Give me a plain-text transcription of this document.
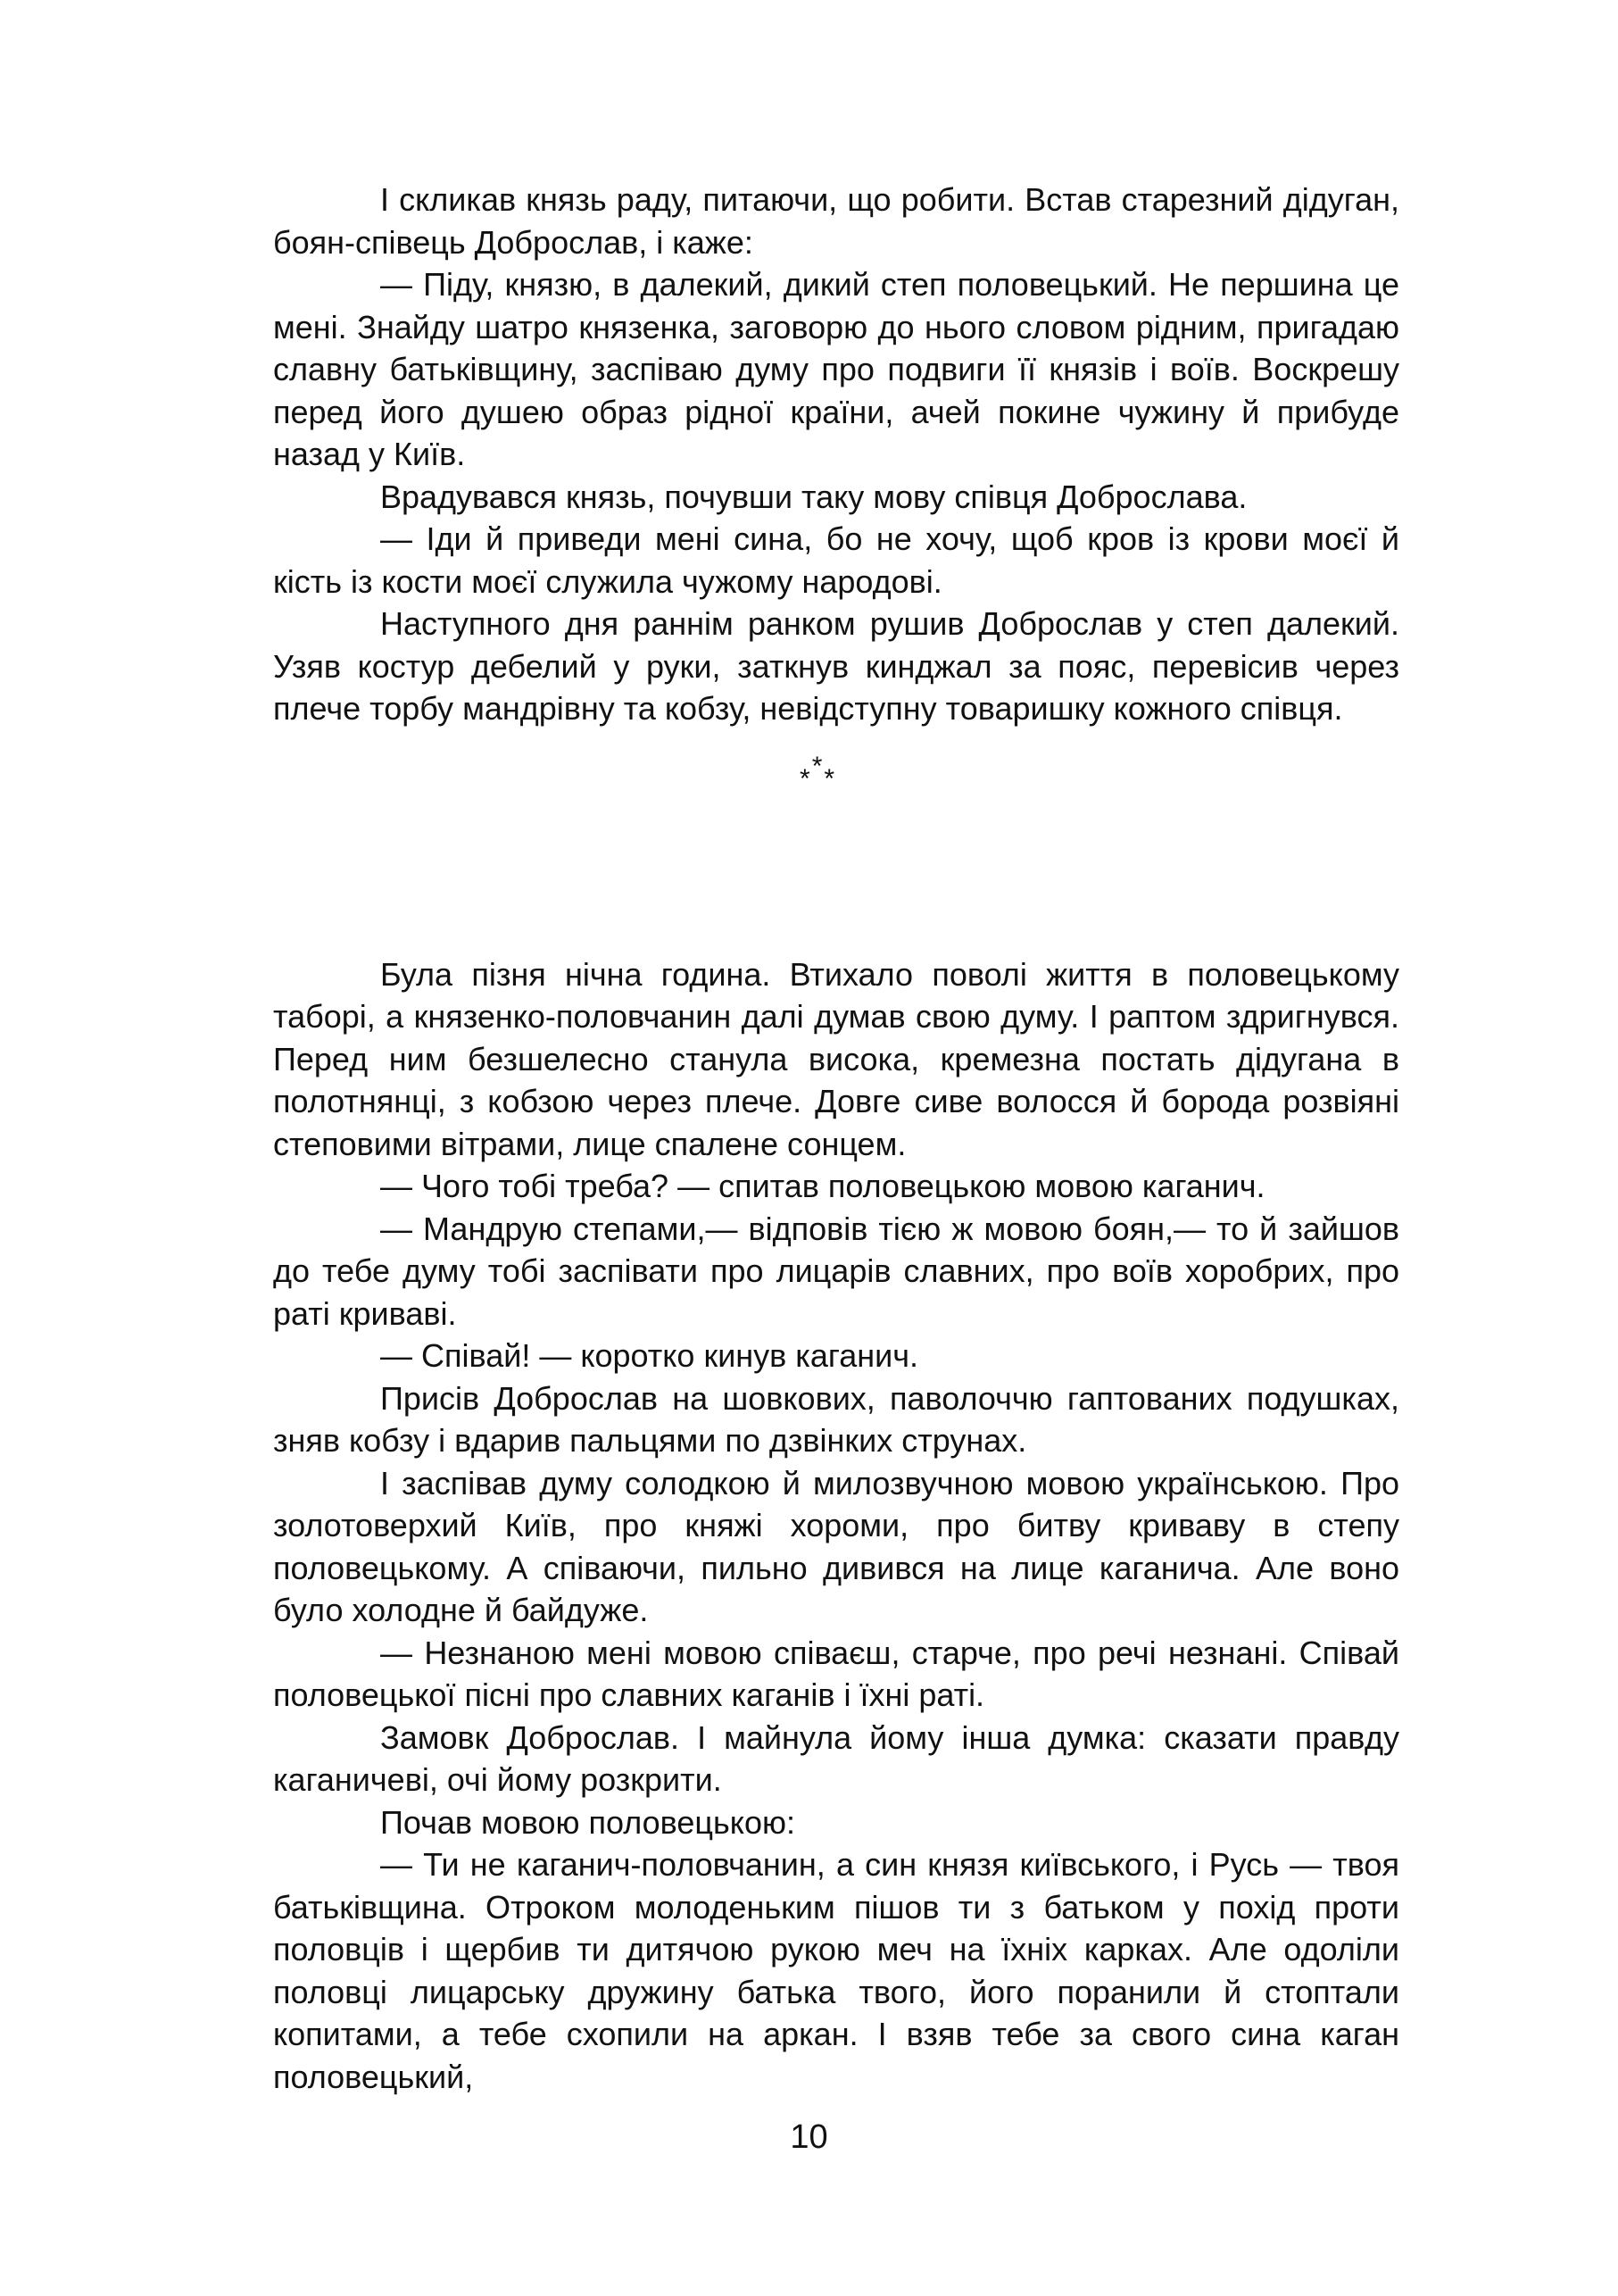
І скликав князь раду, питаючи, що робити. Встав старезний дідуган, боян-співець Доброслав, і каже:

— Піду, князю, в далекий, дикий степ половецький. Не першина це мені. Знайду шатро князенка, заговорю до нього словом рідним, пригадаю славну батьківщину, заспіваю думу про подвиги її князів і воїв. Воскрешу перед його душею образ рідної країни, ачей покине чужину й прибуде назад у Київ.

Врадувався князь, почувши таку мову співця Доброслава.

— Іди й приведи мені сина, бо не хочу, щоб кров із крови моєї й кість із кости моєї служила чужому народові.

Наступного дня раннім ранком рушив Доброслав у степ далекий. Узяв костур дебелий у руки, заткнув кинджал за пояс, перевісив через плече торбу мандрівну та кобзу, невідступну товаришку кожного співця.

***

Була пізня нічна година. Втихало поволі життя в половецькому таборі, а князенко-половчанин далі думав свою думу. І раптом здригнувся. Перед ним безшелесно станула висока, кремезна постать дідугана в полотнянці, з кобзою через плече. Довге сиве волосся й борода розвіяні степовими вітрами, лице спалене сонцем.

— Чого тобі треба? — спитав половецькою мовою каганич.

— Мандрую степами,— відповів тією ж мовою боян,— то й зайшов до тебе думу тобі заспівати про лицарів славних, про воїв хоробрих, про раті криваві.

— Співай! — коротко кинув каганич.

Присів Доброслав на шовкових, паволоччю гаптованих подушках, зняв кобзу і вдарив пальцями по дзвінких струнах.

І заспівав думу солодкою й милозвучною мовою українською. Про золотоверхий Київ, про княжі хороми, про битву криваву в степу половецькому. А співаючи, пильно дивився на лице каганича. Але воно було холодне й байдуже.

— Незнаною мені мовою співаєш, старче, про речі незнані. Співай половецької пісні про славних каганів і їхні раті.

Замовк Доброслав. І майнула йому інша думка: сказати правду каганичеві, очі йому розкрити.

Почав мовою половецькою:

— Ти не каганич-половчанин, а син князя київського, і Русь — твоя батьківщина. Отроком молоденьким пішов ти з батьком у похід проти половців і щербив ти дитячою рукою меч на їхніх карках. Але одоліли половці лицарську дружину батька твого, його поранили й стоптали копитами, а тебе схопили на аркан. І взяв тебе за свого сина каган половецький,

10
